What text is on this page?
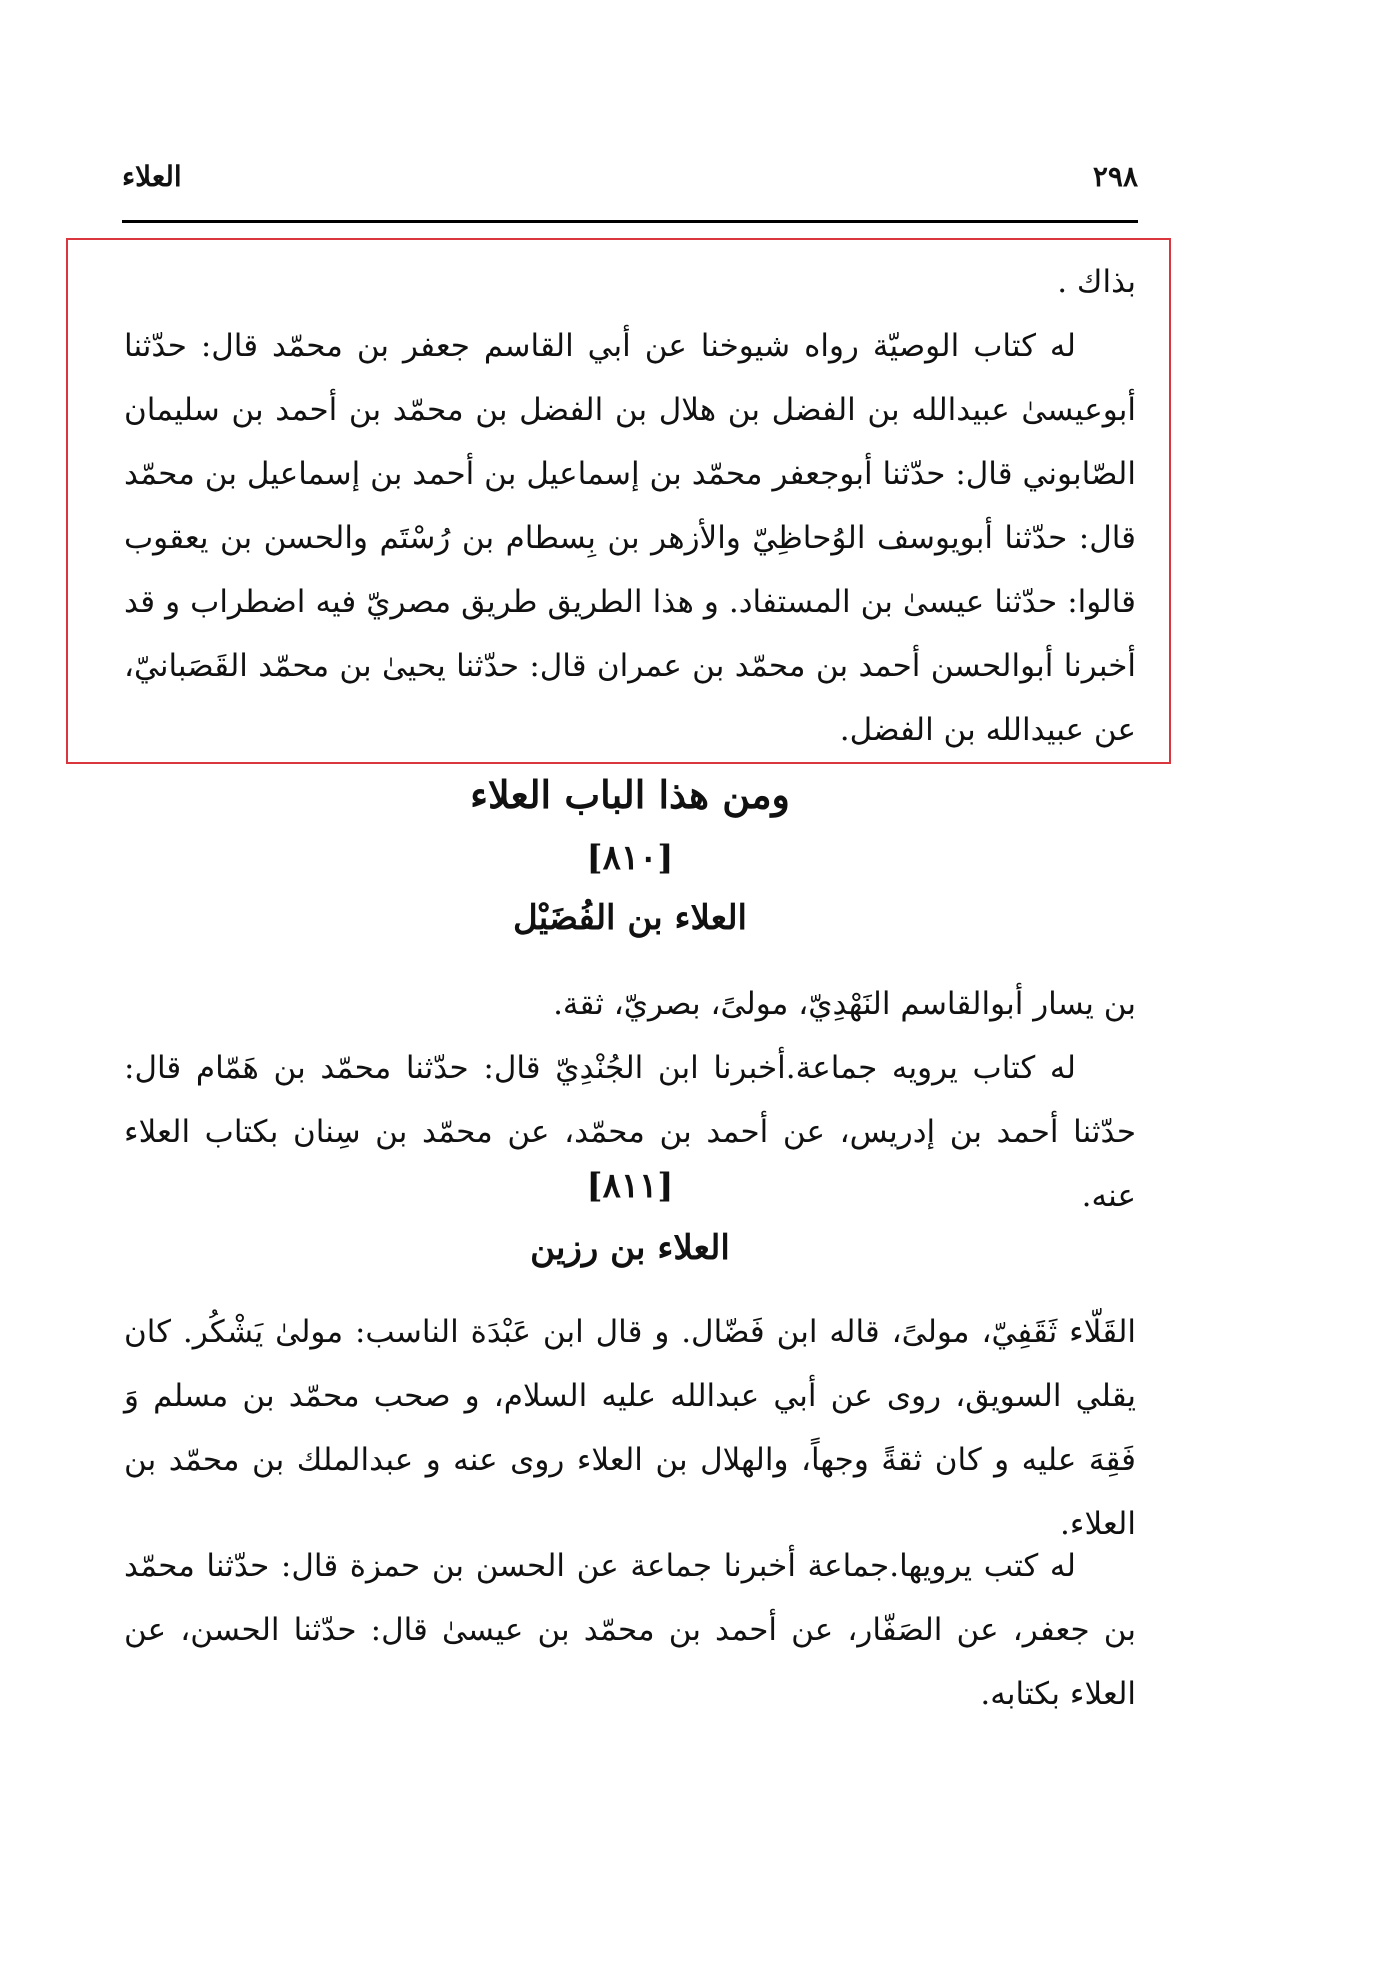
٢٩٨
العلاء
بذاك .
له كتاب الوصيّة رواه شيوخنا عن أبي القاسم جعفر بن محمّد قال: حدّثنا أبوعيسیٰ عبيدالله بن الفضل بن هلال بن الفضل بن محمّد بن أحمد بن سليمان الصّابوني قال: حدّثنا أبوجعفر محمّد بن إسماعيل بن أحمد بن إسماعيل بن محمّد قال: حدّثنا أبويوسف الوُحاظِيّ والأزهر بن بِسطام بن رُسْتَم والحسن بن يعقوب قالوا: حدّثنا عيسیٰ بن المستفاد. و هذا الطريق طريق مصريّ فيه اضطراب و قد أخبرنا أبوالحسن أحمد بن محمّد بن عمران قال: حدّثنا يحيیٰ بن محمّد القَصَبانيّ، عن عبيدالله بن الفضل.
ومن هذا الباب العلاء
[٨١٠]
العلاء بن الفُضَيْل
بن يسار أبوالقاسم النَهْدِيّ، مولیً، بصريّ، ثقة.
له كتاب يرويه جماعة.أخبرنا ابن الجُنْدِيّ قال: حدّثنا محمّد بن هَمّام قال: حدّثنا أحمد بن إدريس، عن أحمد بن محمّد، عن محمّد بن سِنان بكتاب العلاء عنه.
[٨١١]
العلاء بن رزين
القَلّاء ثَقَفِيّ، مولیً، قاله ابن فَضّال. و قال ابن عَبْدَة الناسب: مولیٰ يَشْكُر. كان يقلي السويق، روی عن أبي عبدالله عليه السلام، و صحب محمّد بن مسلم وَ فَقِهَ عليه و كان ثقةً وجهاً، والهلال بن العلاء روی عنه و عبدالملك بن محمّد بن العلاء.
له كتب يرويها.جماعة أخبرنا جماعة عن الحسن بن حمزة قال: حدّثنا محمّد بن جعفر، عن الصَفّار، عن أحمد بن محمّد بن عيسیٰ قال: حدّثنا الحسن، عن العلاء بكتابه.
